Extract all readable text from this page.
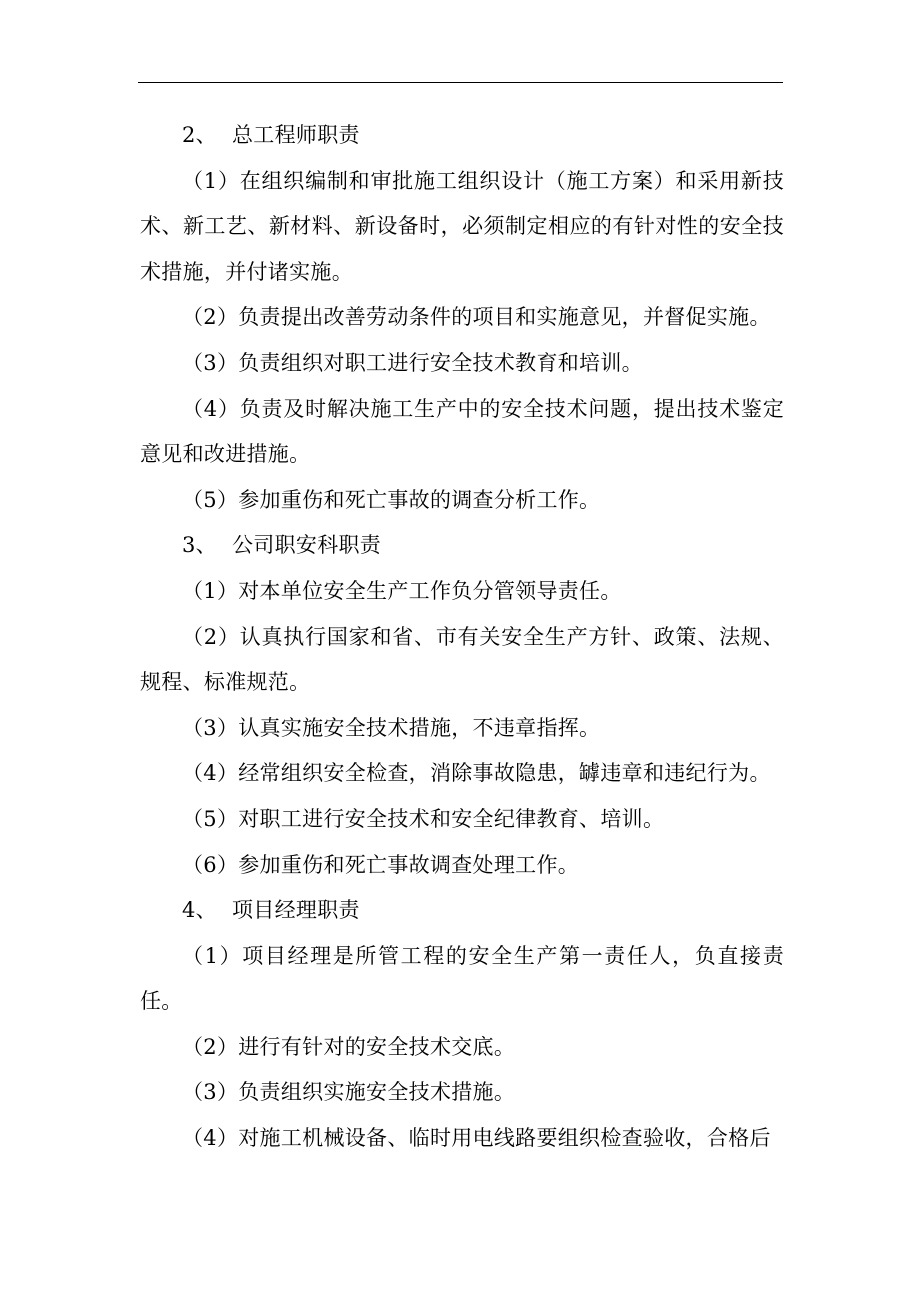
2、 总工程师职责

（1）在组织编制和审批施工组织设计（施工方案）和采用新技术、新工艺、新材料、新设备时，必须制定相应的有针对性的安全技术措施，并付诸实施。

（2）负责提出改善劳动条件的项目和实施意见，并督促实施。

（3）负责组织对职工进行安全技术教育和培训。

（4）负责及时解决施工生产中的安全技术问题，提出技术鉴定意见和改进措施。

（5）参加重伤和死亡事故的调查分析工作。

3、 公司职安科职责

（1）对本单位安全生产工作负分管领导责任。

（2）认真执行国家和省、市有关安全生产方针、政策、法规、规程、标准规范。

（3）认真实施安全技术措施，不违章指挥。

（4）经常组织安全检查，消除事故隐患，罅违章和违纪行为。

（5）对职工进行安全技术和安全纪律教育、培训。

（6）参加重伤和死亡事故调查处理工作。

4、 项目经理职责

（1）项目经理是所管工程的安全生产第一责任人，负直接责任。

（2）进行有针对的安全技术交底。

（3）负责组织实施安全技术措施。

（4）对施工机械设备、临时用电线路要组织检查验收，合格后
